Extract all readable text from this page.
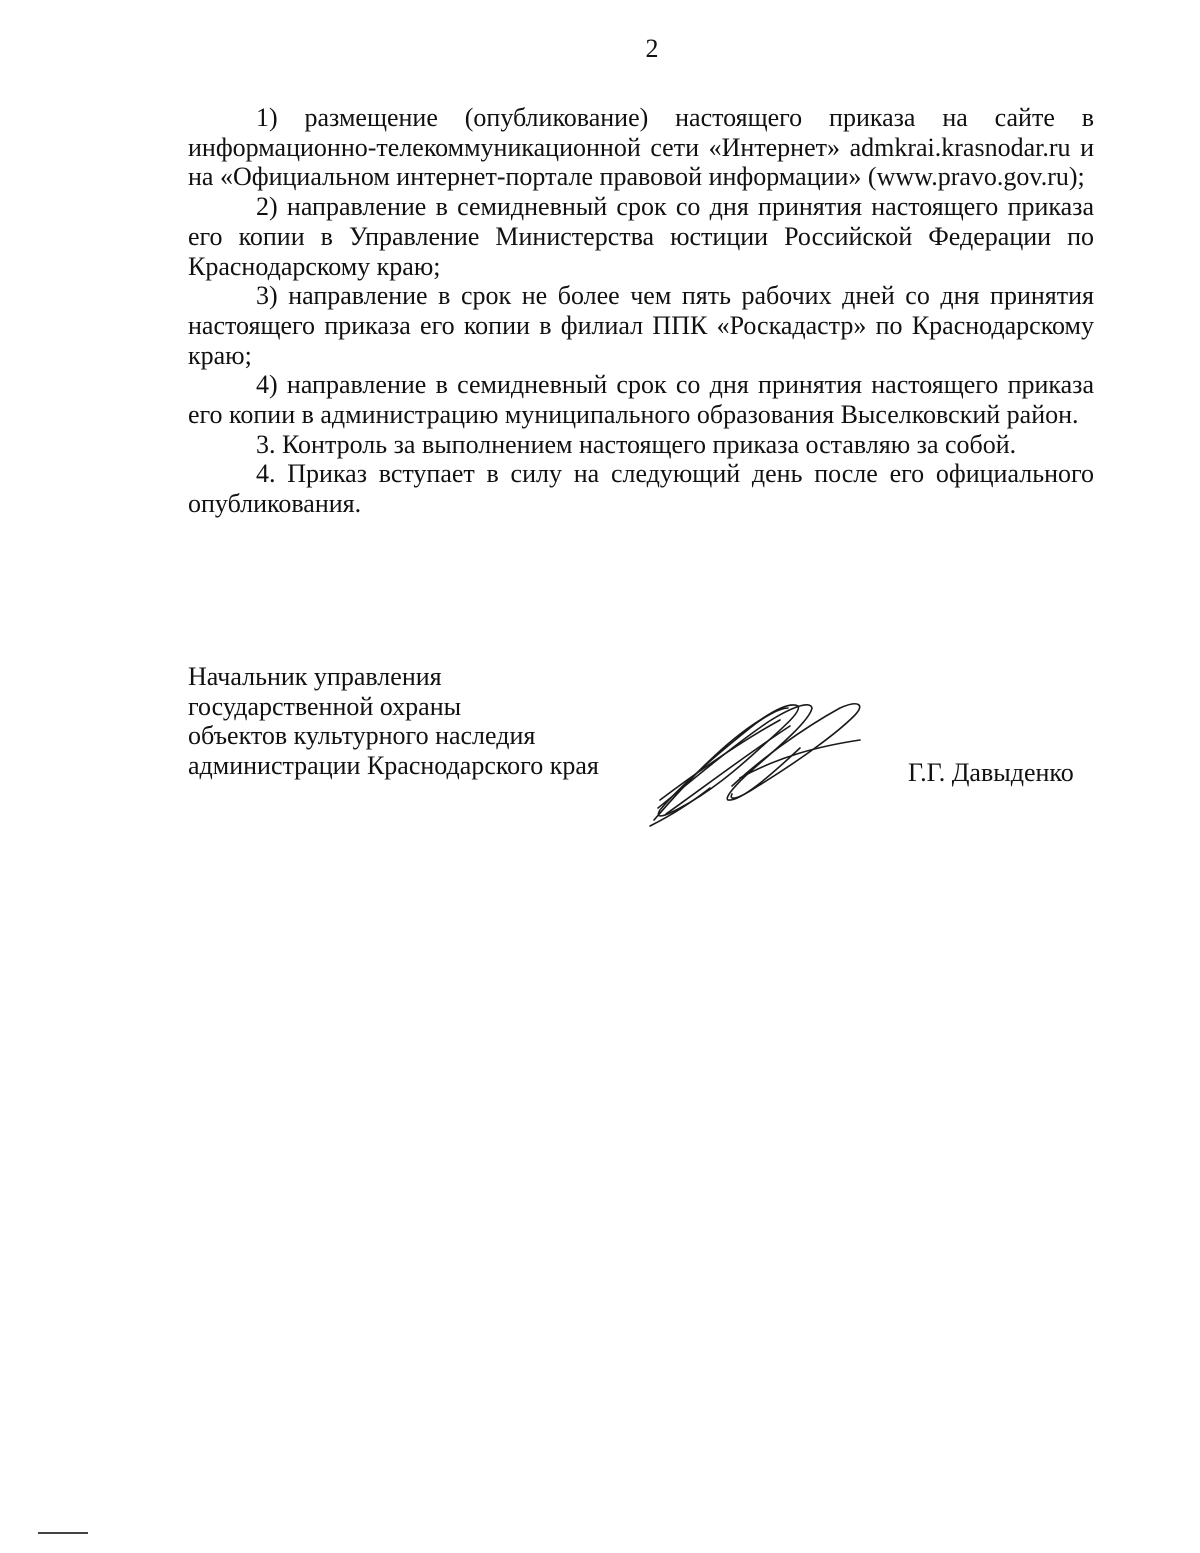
2

1) размещение (опубликование) настоящего приказа на сайте в информационно-телекоммуникационной сети «Интернет» admkrai.krasnodar.ru и на «Официальном интернет-портале правовой информации» (www.pravo.gov.ru);

2) направление в семидневный срок со дня принятия настоящего приказа его копии в Управление Министерства юстиции Российской Федерации по Краснодарскому краю;

3) направление в срок не более чем пять рабочих дней со дня принятия настоящего приказа его копии в филиал ППК «Роскадастр» по Краснодарскому краю;

4) направление в семидневный срок со дня принятия настоящего приказа его копии в администрацию муниципального образования Выселковский район.

3. Контроль за выполнением настоящего приказа оставляю за собой.

4. Приказ вступает в силу на следующий день после его официального опубликования.

Начальник управления
государственной охраны
объектов культурного наследия
администрации Краснодарского края	Г.Г. Давыденко
